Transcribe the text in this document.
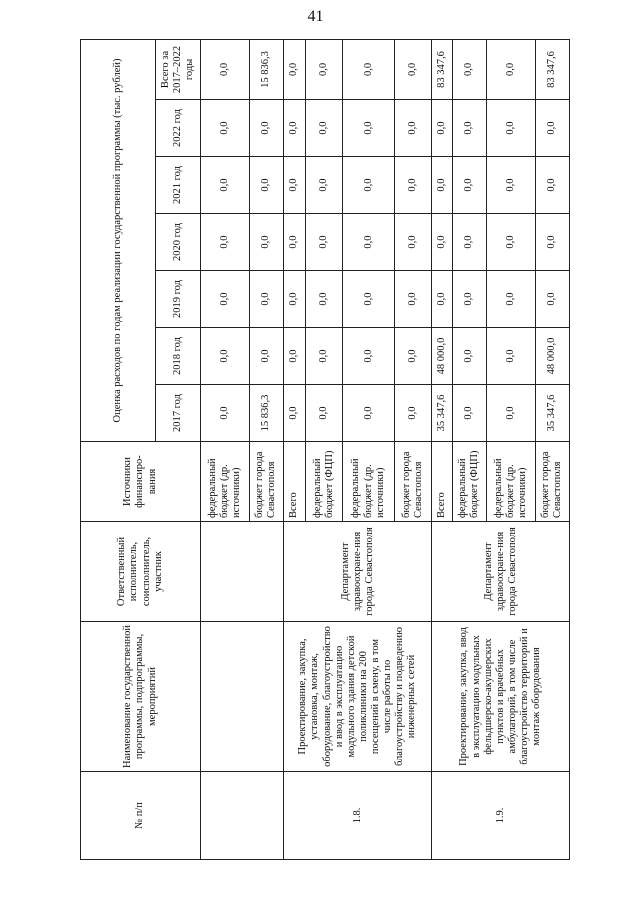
41
№ п/п	Наименование государственной программы, подпрограммы, мероприятий	Ответственный исполнитель, соисполнитель, участник	Источники финансиро-вания	Оценка расходов по годам реализации государственной программы (тыс. рублей)						
				2017 год	2018 год	2019 год	2020 год	2021 год	2022 год	Всего за 2017–2022 годы
			федеральный бюджет (др. источники)	0,0	0,0	0,0	0,0	0,0	0,0	0,0
			бюджет города Севастополя	15 836,3	0,0	0,0	0,0	0,0	0,0	15 836,3
1.8.	Проектирование, закупка, установка, монтаж, оборудование, благоустройство и ввод в эксплуатацию модульного здания детской поликлиники на 200 посещений в смену, в том числе работы по благоустройству и подведению инженерных сетей	Департамент здравоохране-ния города Севастополя	Всего	0,0	0,0	0,0	0,0	0,0	0,0	0,0
			федеральный бюджет (ФЦП)	0,0	0,0	0,0	0,0	0,0	0,0	0,0
			федеральный бюджет (др. источники)	0,0	0,0	0,0	0,0	0,0	0,0	0,0
			бюджет города Севастополя	0,0	0,0	0,0	0,0	0,0	0,0	0,0
1.9.	Проектирование, закупка, ввод в эксплуатацию модульных фельдшерско-акушерских пунктов и врачебных амбулаторий, в том числе благоустройство территорий и монтаж оборудования	Департамент здравоохране-ния города Севастополя	Всего	35 347,6	48 000,0	0,0	0,0	0,0	0,0	83 347,6
			федеральный бюджет (ФЦП)	0,0	0,0	0,0	0,0	0,0	0,0	0,0
			федеральный бюджет (др. источники)	0,0	0,0	0,0	0,0	0,0	0,0	0,0
			бюджет города Севастополя	35 347,6	48 000,0	0,0	0,0	0,0	0,0	83 347,6
